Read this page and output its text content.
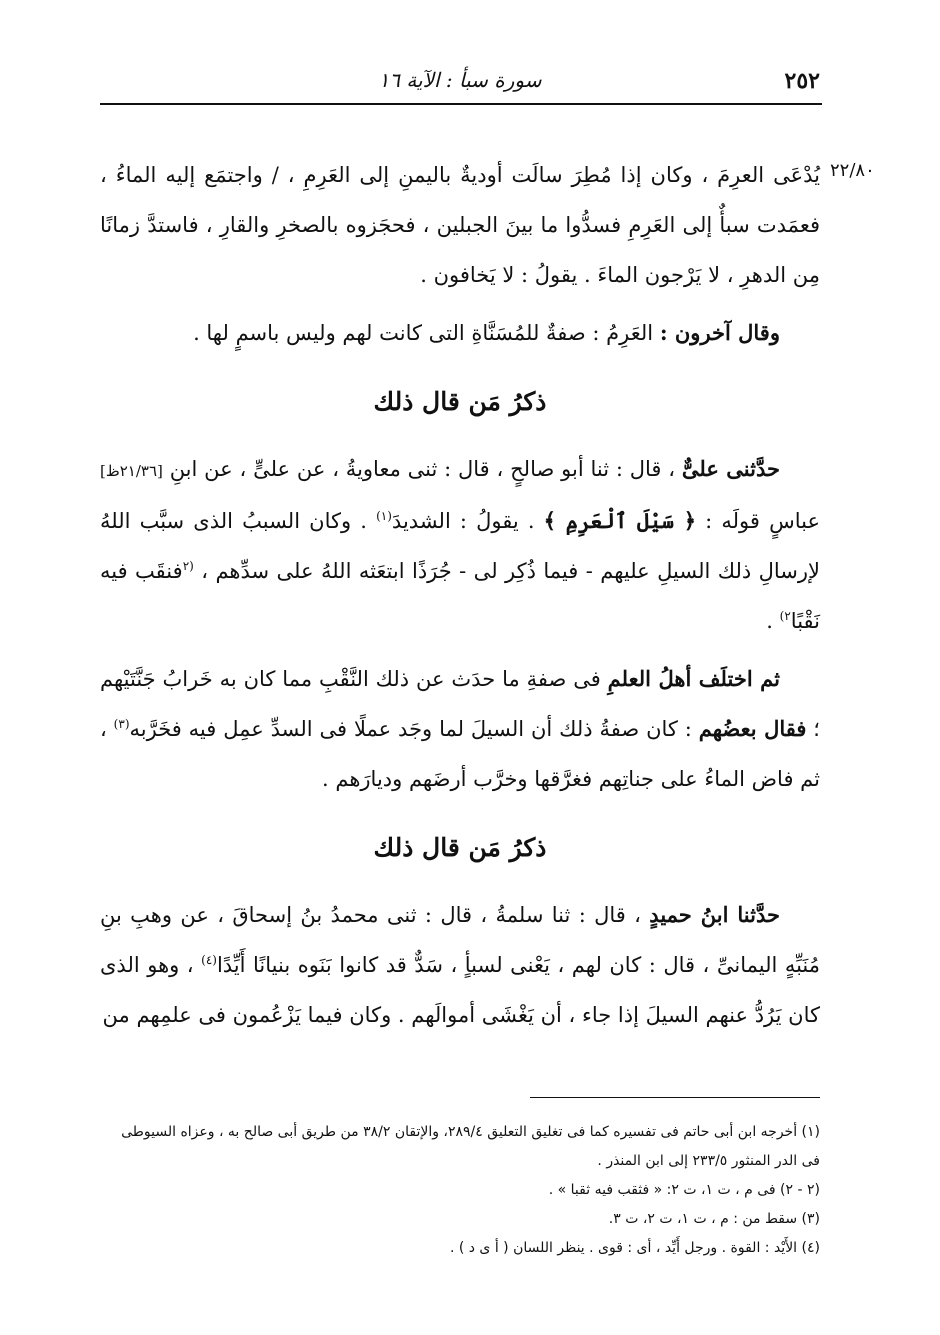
٢٥٢
سورة سبأ : الآية ١٦
٢٢/٨٠

يُدْعَى العرِمَ ، وكان إذا مُطِرَ سالَت أوديةٌ باليمنِ إلى العَرِمِ ، / واجتمَع إليه الماءُ ، فعمَدت سبأٌ إلى العَرِمِ فسدُّوا ما بينَ الجبلين ، فحجَزوه بالصخرِ والقارِ ، فاستدَّ زمانًا مِن الدهرِ ، لا يَرْجون الماءَ . يقولُ : لا يَخافون .

وقال آخرون : العَرِمُ : صفةٌ للمُسَنَّاةِ التى كانت لهم وليس باسمٍ لها .

ذكرُ مَن قال ذلك

حدَّثنى علىٌّ ، قال : ثنا أبو صالحٍ ، قال : ثنى معاويةُ ، عن علىٍّ ، عن ابنِ [٢١/٣٦ظ] عباسٍ قولَه : ﴿ سَيْلَ ٱلْعَرِمِ ﴾ . يقولُ : الشديدَ$^{(١)}$ . وكان السببُ الذى سبَّب اللهُ لإرسالِ ذلك السيلِ عليهم - فيما ذُكِر لى - جُرَذًا ابتعَثه اللهُ على سدِّهم ، $^{(٢}$فنقَب فيه نَقْبًا$^{٢)}$ .

ثم اختلَف أهلُ العلمِ فى صفةِ ما حدَث عن ذلك النَّقْبِ مما كان به خَرابُ جَنَّتَيْهم ؛ فقال بعضُهم : كان صفةُ ذلك أن السيلَ لما وجَد عملًا فى السدِّ عمِل فيه فخَرَّبه$^{(٣)}$ ، ثم فاض الماءُ على جناتِهم فغرَّقها وخرَّب أرضَهم وديارَهم .

ذكرُ مَن قال ذلك

حدَّثنا ابنُ حميدٍ ، قال : ثنا سلمةُ ، قال : ثنى محمدُ بنُ إسحاقَ ، عن وهبِ بنِ مُنَبِّهٍ اليمانىِّ ، قال : كان لهم ، يَعْنى لسبأٍ ، سَدٌّ قد كانوا بَنَوه بنيانًا أَيِّدًا$^{(٤)}$ ، وهو الذى كان يَرُدُّ عنهم السيلَ إذا جاء ، أن يَغْشَى أموالَهم . وكان فيما يَزْعُمون فى علمِهم من

(١) أخرجه ابن أبى حاتم فى تفسيره كما فى تغليق التعليق ٢٨٩/٤، والإتقان ٣٨/٢ من طريق أبى صالح به ، وعزاه السيوطى فى الدر المنثور ٢٣٣/٥ إلى ابن المنذر .

(٢ - ٢) فى م ، ت ١، ت ٢: « فثقب فيه ثقبا » .

(٣) سقط من : م ، ت ١، ت ٢، ت ٣.

(٤) الأَيْد : القوة . ورجل أَيِّد ، أى : قوى . ينظر اللسان ( أ ى د ) .
